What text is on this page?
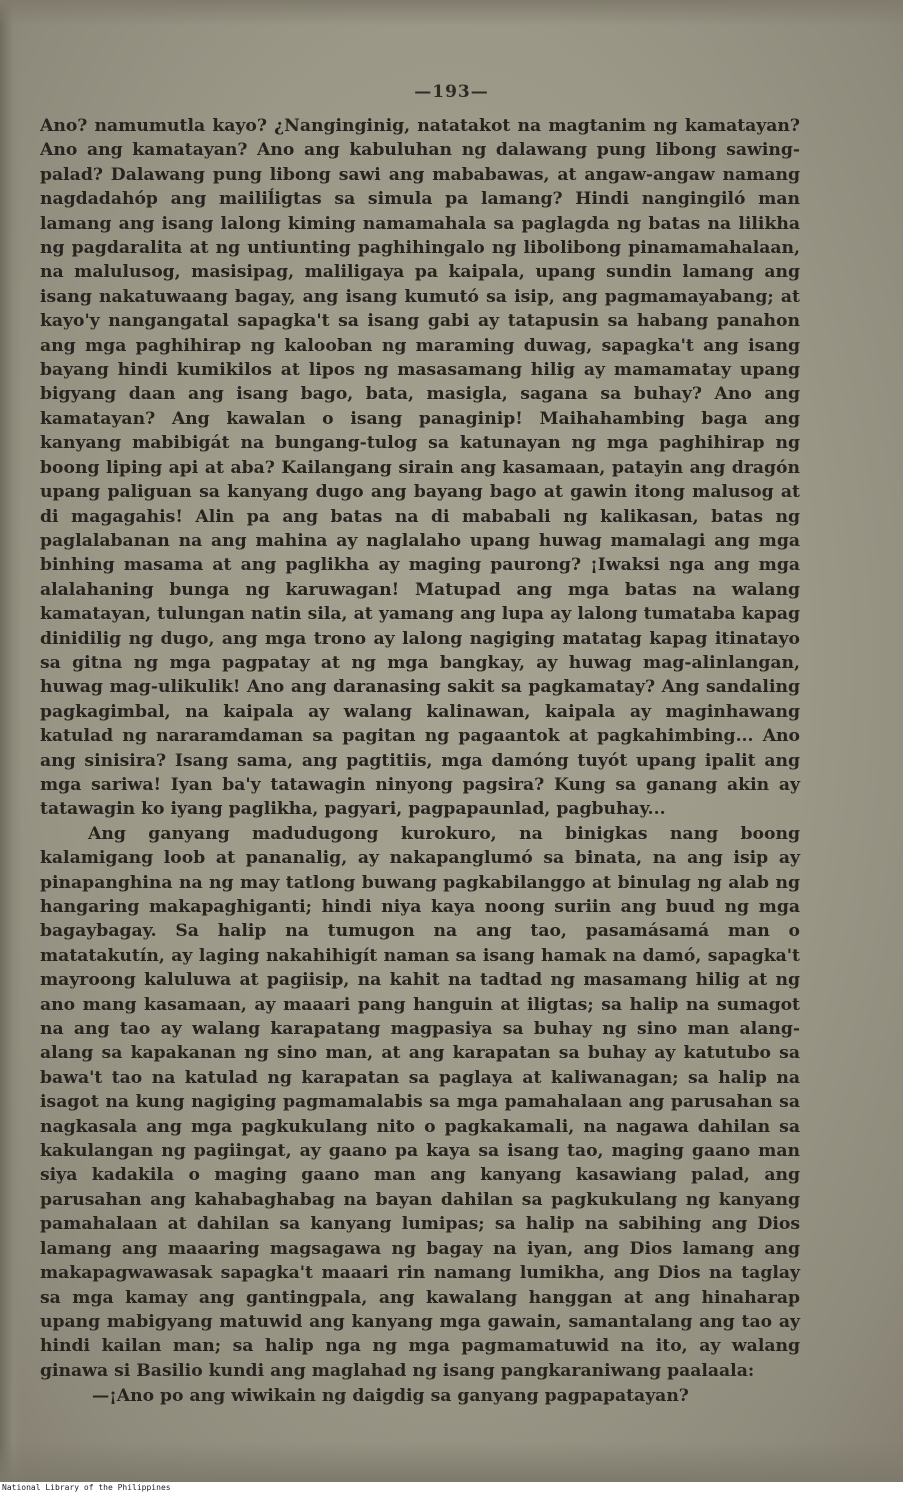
—193—

Ano? namumutla kayo? ¿Nanginginig, natatakot na magtanim ng kamatayan? Ano ang kamatayan? Ano ang kabuluhan ng dalawang pung libong sawing-palad? Dalawang pung libong sawi ang mababawas, at angaw-angaw namang nagdadahóp ang mailiĺigtas sa simula pa lamang? Hindi nangingiló man lamang ang isang lalong kiming namamahala sa paglagda ng batas na lilikha ng pagdaralita at ng untiunting paghihingalo ng libolibong pinamamahalaan, na malulusog, masisipag, maliligaya pa kaipala, upang sundin lamang ang isang nakatuwaang bagay, ang isang kumutó sa isip, ang pagmamayabang; at kayo'y nangangatal sapagka't sa isang gabi ay tatapusin sa habang panahon ang mga paghihirap ng kalooban ng maraming duwag, sapagka't ang isang bayang hindi kumikilos at lipos ng masasamang hilig ay mamamatay upang bigyang daan ang isang bago, bata, masigla, sagana sa buhay? Ano ang kamatayan? Ang kawalan o isang panaginip! Maihahambing baga ang kanyang mabibigát na bungang-tulog sa katunayan ng mga paghihirap ng boong liping api at aba? Kailangang sirain ang kasamaan, patayin ang dragón upang paliguan sa kanyang dugo ang bayang bago at gawin itong malusog at di magagahis! Alin pa ang batas na di mababali ng kalikasan, batas ng paglalabanan na ang mahina ay naglalaho upang huwag mamalagi ang mga binhing masama at ang paglikha ay maging paurong? ¡Iwaksi nga ang mga alalahaning bunga ng karuwagan! Matupad ang mga batas na walang kamatayan, tulungan natin sila, at yamang ang lupa ay lalong tumataba kapag dinidilig ng dugo, ang mga trono ay lalong nagiging matatag kapag itinatayo sa gitna ng mga pagpatay at ng mga bangkay, ay huwag mag-alinlangan, huwag mag-ulikulik! Ano ang daranasing sakit sa pagkamatay? Ang sandaling pagkagimbal, na kaipala ay walang kalinawan, kaipala ay maginhawang katulad ng nararamdaman sa pagitan ng pagaantok at pagkahimbing... Ano ang sinisira? Isang sama, ang pagtitiis, mga damóng tuyót upang ipalit ang mga sariwa! Iyan ba'y tatawagin ninyong pagsira? Kung sa ganang akin ay tatawagin ko iyang paglikha, pagyari, pagpapaunlad, pagbuhay...

Ang ganyang madudugong kurokuro, na binigkas nang boong kalamigang loob at pananalig, ay nakapanglumó sa binata, na ang isip ay pinapanghina na ng may tatlong buwang pagkabilanggo at binulag ng alab ng hangaring makapaghiganti; hindi niya kaya noong suriin ang buud ng mga bagaybagay. Sa halip na tumugon na ang tao, pasamásamá man o matatakutín, ay laging nakahihigít naman sa isang hamak na damó, sapagka't mayroong kaluluwa at pagiisip, na kahit na tadtad ng masamang hilig at ng ano mang kasamaan, ay maaari pang hanguin at iligtas; sa halip na sumagot na ang tao ay walang karapatang magpasiya sa buhay ng sino man alang-alang sa kapakanan ng sino man, at ang karapatan sa buhay ay katutubo sa bawa't tao na katulad ng karapatan sa paglaya at kaliwanagan; sa halip na isagot na kung nagiging pagmamalabis sa mga pamahalaan ang parusahan sa nagkasala ang mga pagkukulang nito o pagkakamali, na nagawa dahilan sa kakulangan ng pagiingat, ay gaano pa kaya sa isang tao, maging gaano man siya kadakila o maging gaano man ang kanyang kasawiang palad, ang parusahan ang kahabaghabag na bayan dahilan sa pagkukulang ng kanyang pamahalaan at dahilan sa kanyang lumipas; sa halip na sabihing ang Dios lamang ang maaaring magsagawa ng bagay na iyan, ang Dios lamang ang makapagwawasak sapagka't maaari rin namang lumikha, ang Dios na taglay sa mga kamay ang gantingpala, ang kawalang hanggan at ang hinaharap upang mabigyang matuwid ang kanyang mga gawain, samantalang ang tao ay hindi kailan man; sa halip nga ng mga pagmamatuwid na ito, ay walang ginawa si Basilio kundi ang maglahad ng isang pangkaraniwang paalaala:

—¡Ano po ang wiwikain ng daigdig sa ganyang pagpapatayan?

National Library of the Philippines
